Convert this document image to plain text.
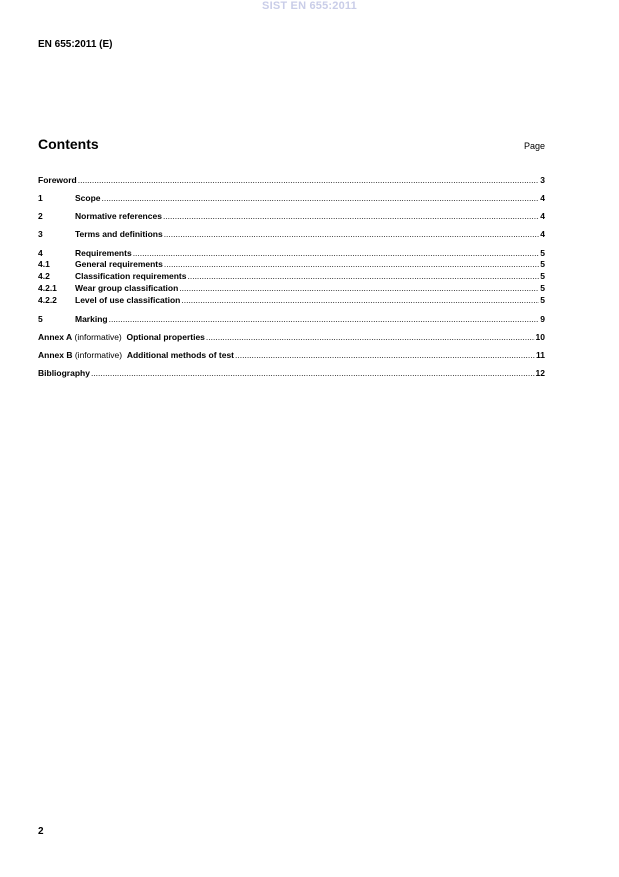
SIST EN 655:2011
EN 655:2011 (E)
Contents	Page
Foreword .....	3
1	Scope .....	4
2	Normative references .....	4
3	Terms and definitions .....	4
4	Requirements .....	5
4.1	General requirements .....	5
4.2	Classification requirements .....	5
4.2.1	Wear group classification .....	5
4.2.2	Level of use classification .....	5
5	Marking .....	9
Annex A (informative)  Optional properties .....	10
Annex B (informative)  Additional methods of test .....	11
Bibliography .....	12
2
